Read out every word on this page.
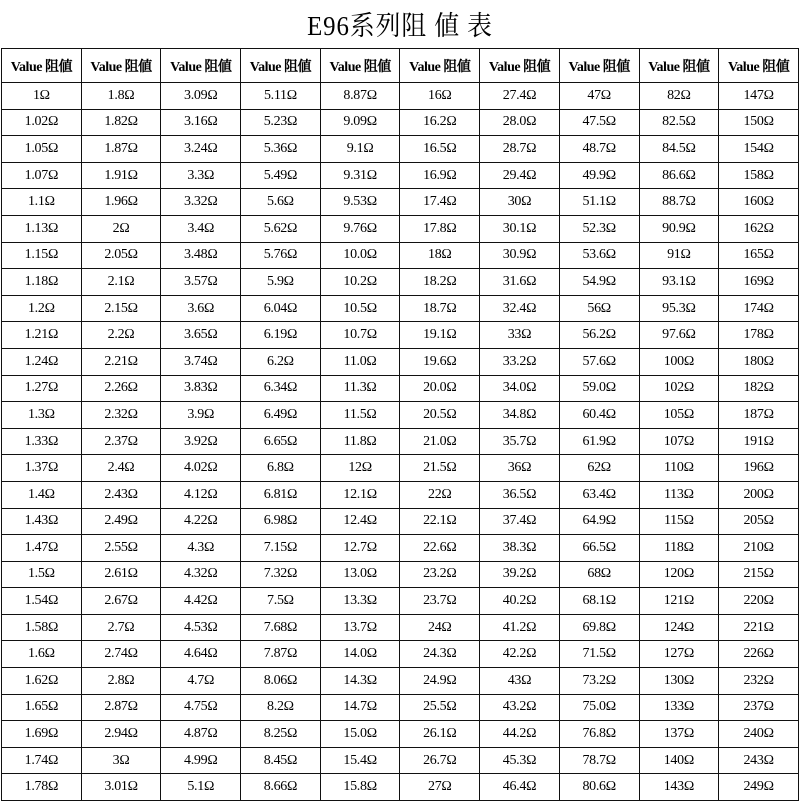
E96系列阻 値 表
Value 阻値	Value 阻値	Value 阻値	Value 阻値	Value 阻値	Value 阻値	Value 阻値	Value 阻値	Value 阻値	Value 阻値
1Ω	1.8Ω	3.09Ω	5.11Ω	8.87Ω	16Ω	27.4Ω	47Ω	82Ω	147Ω
1.02Ω	1.82Ω	3.16Ω	5.23Ω	9.09Ω	16.2Ω	28.0Ω	47.5Ω	82.5Ω	150Ω
1.05Ω	1.87Ω	3.24Ω	5.36Ω	9.1Ω	16.5Ω	28.7Ω	48.7Ω	84.5Ω	154Ω
1.07Ω	1.91Ω	3.3Ω	5.49Ω	9.31Ω	16.9Ω	29.4Ω	49.9Ω	86.6Ω	158Ω
1.1Ω	1.96Ω	3.32Ω	5.6Ω	9.53Ω	17.4Ω	30Ω	51.1Ω	88.7Ω	160Ω
1.13Ω	2Ω	3.4Ω	5.62Ω	9.76Ω	17.8Ω	30.1Ω	52.3Ω	90.9Ω	162Ω
1.15Ω	2.05Ω	3.48Ω	5.76Ω	10.0Ω	18Ω	30.9Ω	53.6Ω	91Ω	165Ω
1.18Ω	2.1Ω	3.57Ω	5.9Ω	10.2Ω	18.2Ω	31.6Ω	54.9Ω	93.1Ω	169Ω
1.2Ω	2.15Ω	3.6Ω	6.04Ω	10.5Ω	18.7Ω	32.4Ω	56Ω	95.3Ω	174Ω
1.21Ω	2.2Ω	3.65Ω	6.19Ω	10.7Ω	19.1Ω	33Ω	56.2Ω	97.6Ω	178Ω
1.24Ω	2.21Ω	3.74Ω	6.2Ω	11.0Ω	19.6Ω	33.2Ω	57.6Ω	100Ω	180Ω
1.27Ω	2.26Ω	3.83Ω	6.34Ω	11.3Ω	20.0Ω	34.0Ω	59.0Ω	102Ω	182Ω
1.3Ω	2.32Ω	3.9Ω	6.49Ω	11.5Ω	20.5Ω	34.8Ω	60.4Ω	105Ω	187Ω
1.33Ω	2.37Ω	3.92Ω	6.65Ω	11.8Ω	21.0Ω	35.7Ω	61.9Ω	107Ω	191Ω
1.37Ω	2.4Ω	4.02Ω	6.8Ω	12Ω	21.5Ω	36Ω	62Ω	110Ω	196Ω
1.4Ω	2.43Ω	4.12Ω	6.81Ω	12.1Ω	22Ω	36.5Ω	63.4Ω	113Ω	200Ω
1.43Ω	2.49Ω	4.22Ω	6.98Ω	12.4Ω	22.1Ω	37.4Ω	64.9Ω	115Ω	205Ω
1.47Ω	2.55Ω	4.3Ω	7.15Ω	12.7Ω	22.6Ω	38.3Ω	66.5Ω	118Ω	210Ω
1.5Ω	2.61Ω	4.32Ω	7.32Ω	13.0Ω	23.2Ω	39.2Ω	68Ω	120Ω	215Ω
1.54Ω	2.67Ω	4.42Ω	7.5Ω	13.3Ω	23.7Ω	40.2Ω	68.1Ω	121Ω	220Ω
1.58Ω	2.7Ω	4.53Ω	7.68Ω	13.7Ω	24Ω	41.2Ω	69.8Ω	124Ω	221Ω
1.6Ω	2.74Ω	4.64Ω	7.87Ω	14.0Ω	24.3Ω	42.2Ω	71.5Ω	127Ω	226Ω
1.62Ω	2.8Ω	4.7Ω	8.06Ω	14.3Ω	24.9Ω	43Ω	73.2Ω	130Ω	232Ω
1.65Ω	2.87Ω	4.75Ω	8.2Ω	14.7Ω	25.5Ω	43.2Ω	75.0Ω	133Ω	237Ω
1.69Ω	2.94Ω	4.87Ω	8.25Ω	15.0Ω	26.1Ω	44.2Ω	76.8Ω	137Ω	240Ω
1.74Ω	3Ω	4.99Ω	8.45Ω	15.4Ω	26.7Ω	45.3Ω	78.7Ω	140Ω	243Ω
1.78Ω	3.01Ω	5.1Ω	8.66Ω	15.8Ω	27Ω	46.4Ω	80.6Ω	143Ω	249Ω
